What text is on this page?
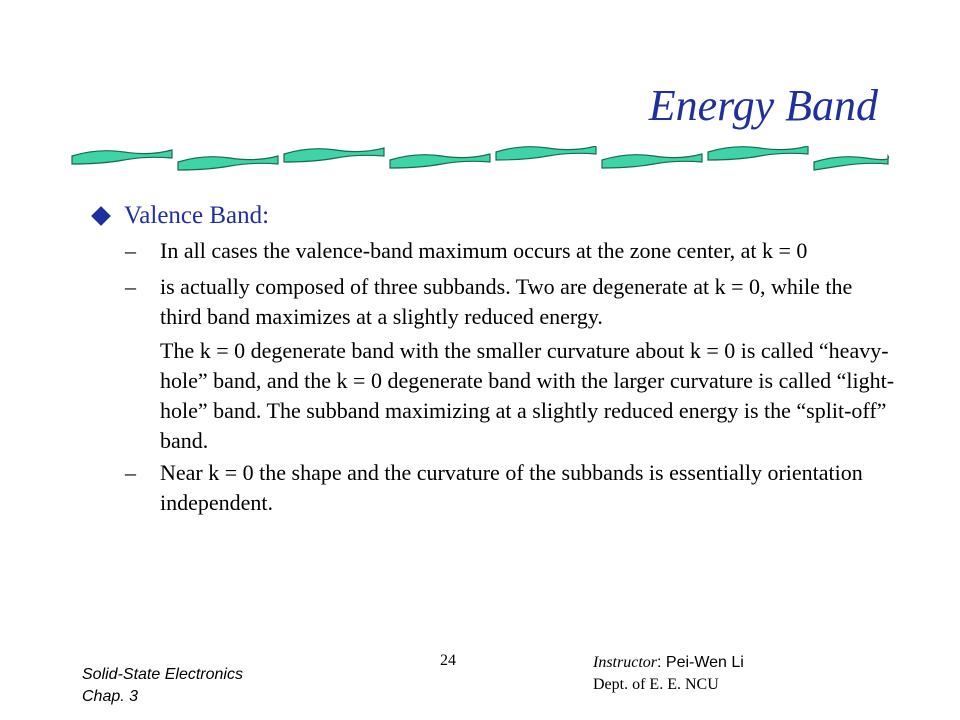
Energy Band
Valence Band:
– In all cases the valence-band maximum occurs at the zone center, at k = 0
– is actually composed of three subbands. Two are degenerate at k = 0, while the third band maximizes at a slightly reduced energy.
The k = 0 degenerate band with the smaller curvature about k = 0 is called “heavy-hole” band, and the k = 0 degenerate band with the larger curvature is called “light-hole” band. The subband maximizing at a slightly reduced energy is the “split-off” band.
– Near k = 0 the shape and the curvature of the subbands is essentially orientation independent.
Solid-State Electronics
Chap. 3
24	Instructor: Pei-Wen Li
Dept. of E. E. NCU
